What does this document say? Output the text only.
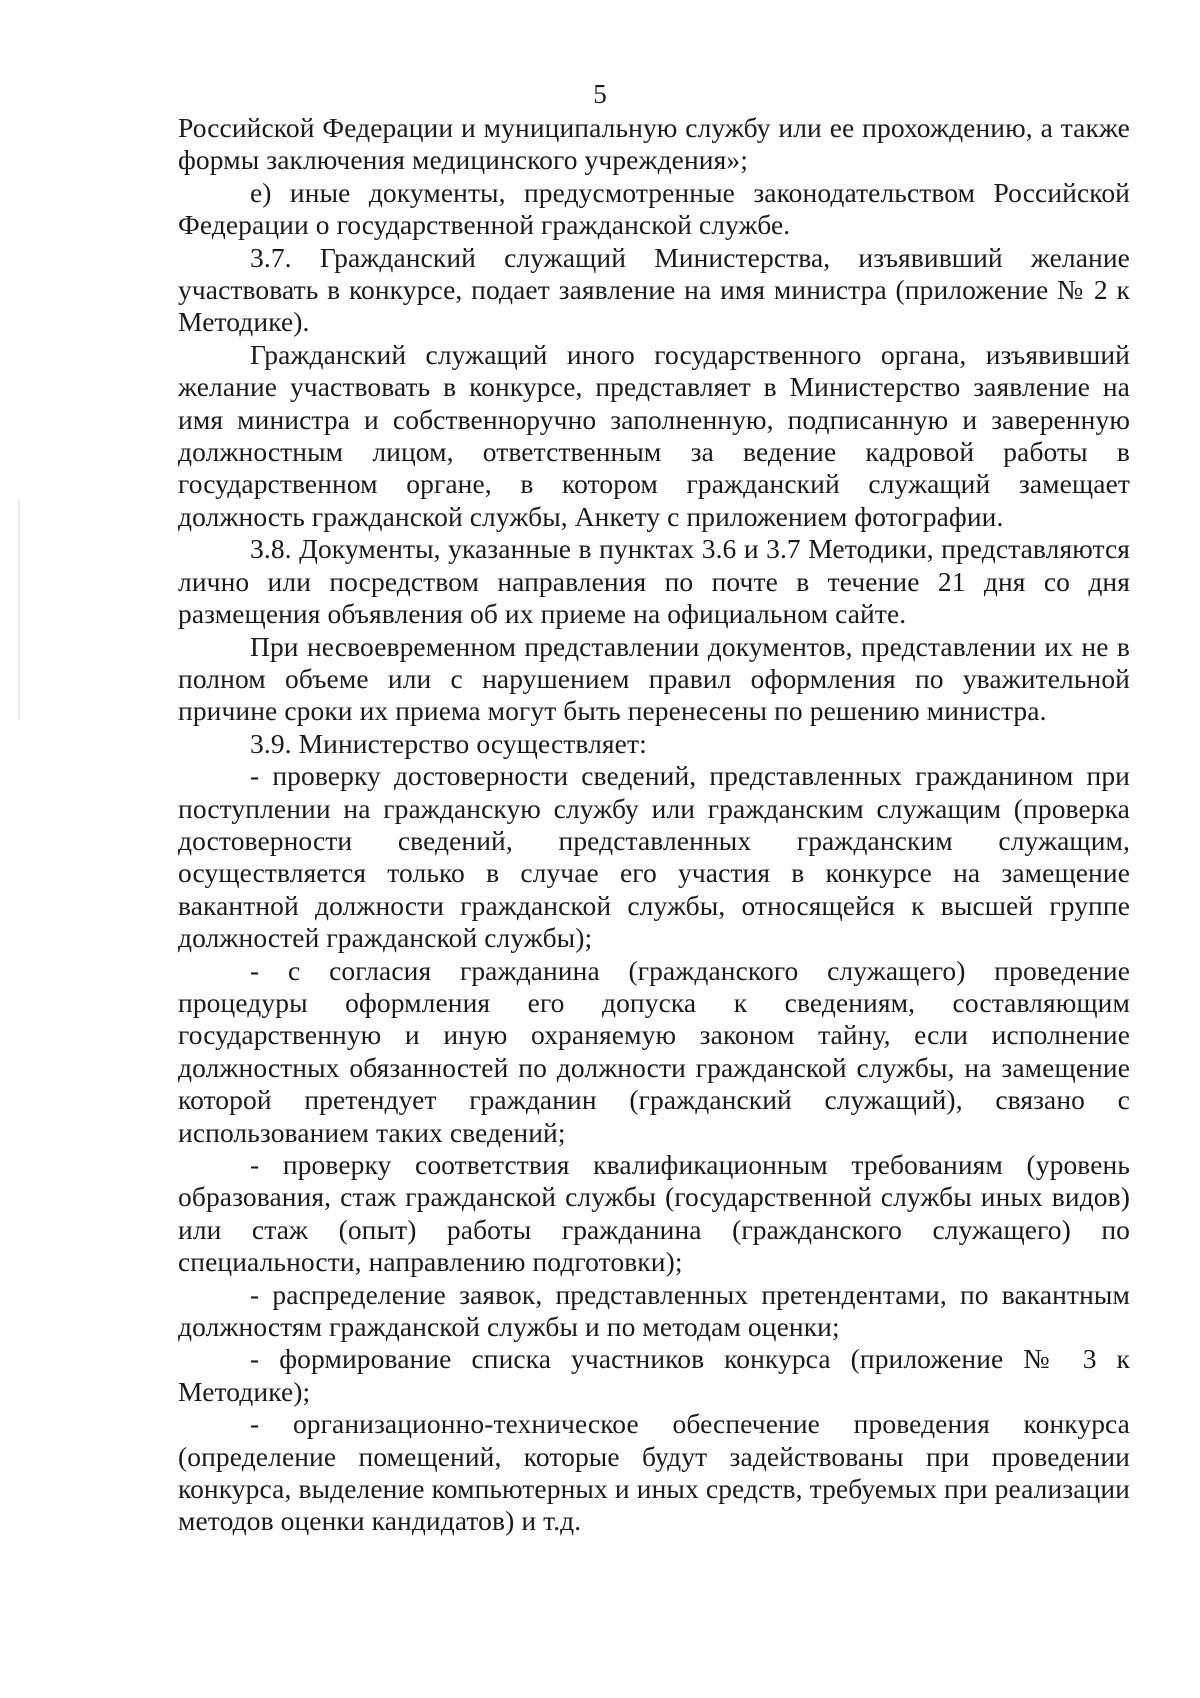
5

Российской Федерации и муниципальную службу или ее прохождению, а также формы заключения медицинского учреждения»;

е) иные документы, предусмотренные законодательством Российской Федерации о государственной гражданской службе.

3.7. Гражданский служащий Министерства, изъявивший желание участвовать в конкурсе, подает заявление на имя министра (приложение № 2 к Методике).

Гражданский служащий иного государственного органа, изъявивший желание участвовать в конкурсе, представляет в Министерство заявление на имя министра и собственноручно заполненную, подписанную и заверенную должностным лицом, ответственным за ведение кадровой работы в государственном органе, в котором гражданский служащий замещает должность гражданской службы, Анкету с приложением фотографии.

3.8. Документы, указанные в пунктах 3.6 и 3.7 Методики, представляются лично или посредством направления по почте в течение 21 дня со дня размещения объявления об их приеме на официальном сайте.

При несвоевременном представлении документов, представлении их не в полном объеме или с нарушением правил оформления по уважительной причине сроки их приема могут быть перенесены по решению министра.

3.9. Министерство осуществляет:

- проверку достоверности сведений, представленных гражданином при поступлении на гражданскую службу или гражданским служащим (проверка достоверности сведений, представленных гражданским служащим, осуществляется только в случае его участия в конкурсе на замещение вакантной должности гражданской службы, относящейся к высшей группе должностей гражданской службы);

- с согласия гражданина (гражданского служащего) проведение процедуры оформления его допуска к сведениям, составляющим государственную и иную охраняемую законом тайну, если исполнение должностных обязанностей по должности гражданской службы, на замещение которой претендует гражданин (гражданский служащий), связано с использованием таких сведений;

- проверку соответствия квалификационным требованиям (уровень образования, стаж гражданской службы (государственной службы иных видов) или стаж (опыт) работы гражданина (гражданского служащего) по специальности, направлению подготовки);

- распределение заявок, представленных претендентами, по вакантным должностям гражданской службы и по методам оценки;

- формирование списка участников конкурса (приложение № 3 к Методике);

- организационно-техническое обеспечение проведения конкурса (определение помещений, которые будут задействованы при проведении конкурса, выделение компьютерных и иных средств, требуемых при реализации методов оценки кандидатов) и т.д.
